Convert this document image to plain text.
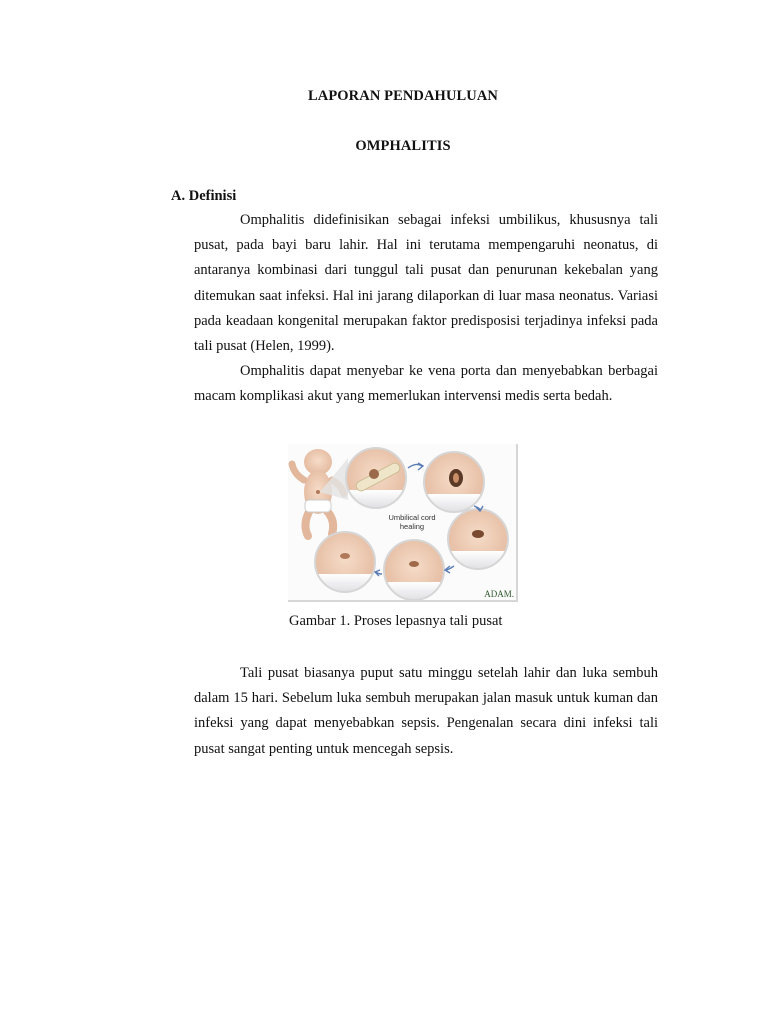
LAPORAN PENDAHULUAN
OMPHALITIS
A. Definisi

Omphalitis didefinisikan sebagai infeksi umbilikus, khususnya tali pusat, pada bayi baru lahir. Hal ini terutama mempengaruhi neonatus, di antaranya kombinasi dari tunggul tali pusat dan penurunan kekebalan yang ditemukan saat infeksi. Hal ini jarang dilaporkan di luar masa neonatus. Variasi pada keadaan kongenital merupakan faktor predisposisi terjadinya infeksi pada tali pusat (Helen, 1999).

Omphalitis dapat menyebar ke vena porta dan menyebabkan berbagai macam komplikasi akut yang memerlukan intervensi medis serta bedah.

Umbilical cord
healing
ADAM.
Gambar 1. Proses lepasnya tali pusat

Tali pusat biasanya puput satu minggu setelah lahir dan luka sembuh dalam 15 hari. Sebelum luka sembuh merupakan jalan masuk untuk kuman dan infeksi yang dapat menyebabkan sepsis. Pengenalan secara dini infeksi tali pusat sangat penting untuk mencegah sepsis.
